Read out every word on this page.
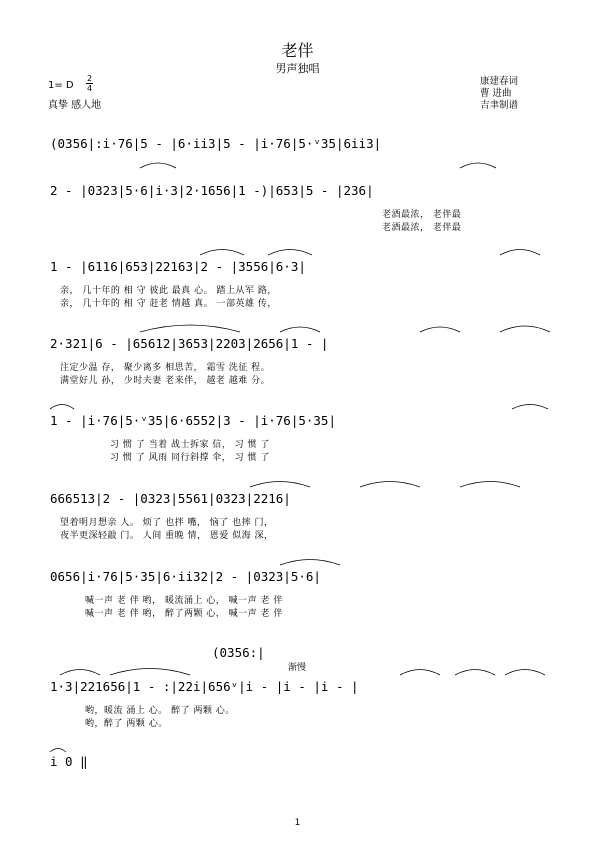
老伴
男声独唱
1= D
2
4
真挚 感人地
康建春词
曹 进曲
吉聿制谱
(0356|:i·76|5 - |6·iі3|5 - |i·76|5·ᵛ35|6ii3|
2 - |0323|5·6|i·3|2·1656|1 -)|653|5 - |236|
老酒最浓， 老伴最
老酒最浓， 老伴最
1 - |6116|653|22163|2 - |3556|6·3|
亲， 几十年的 相 守 彼此 最真 心。 踏上从军 路，
亲， 几十年的 相 守 赶老 情越 真。 一部英雄 传，
2·321|6 - |65612|3653|2203|2656|1 - |
注定少温 存， 聚少离多 相思苦， 霜雪 洗征 程。
满堂好儿 孙， 少时夫妻 老来伴， 越老 越难 分。
1 - |i·76|5·ᵛ35|6·6552|3 - |i·76|5·35|
习 惯 了 当着 战士拆家 信， 习 惯 了
习 惯 了 风雨 同行斜撑 伞， 习 惯 了
666513|2 - |0323|5561|0323|2216|
望着明月想亲 人。 烦了 也拌 嘴， 恼了 也摔 门，
夜半更深轻敲 门。 人间 重晚 情， 恩爱 似海 深，
0656|i·76|5·35|6·ii32|2 - |0323|5·6|
喊一声 老 伴 哟， 暖流涌上 心， 喊一声 老 伴
喊一声 老 伴 哟， 醉了两颗 心， 喊一声 老 伴
(0356:|
渐慢
1·3|221656|1 - :|22i|656ᵛ|i - |i - |i - |
哟，暖流 涌上 心。 醉了 两颗 心。
哟，醉了 两颗 心。
i 0 ‖
1
